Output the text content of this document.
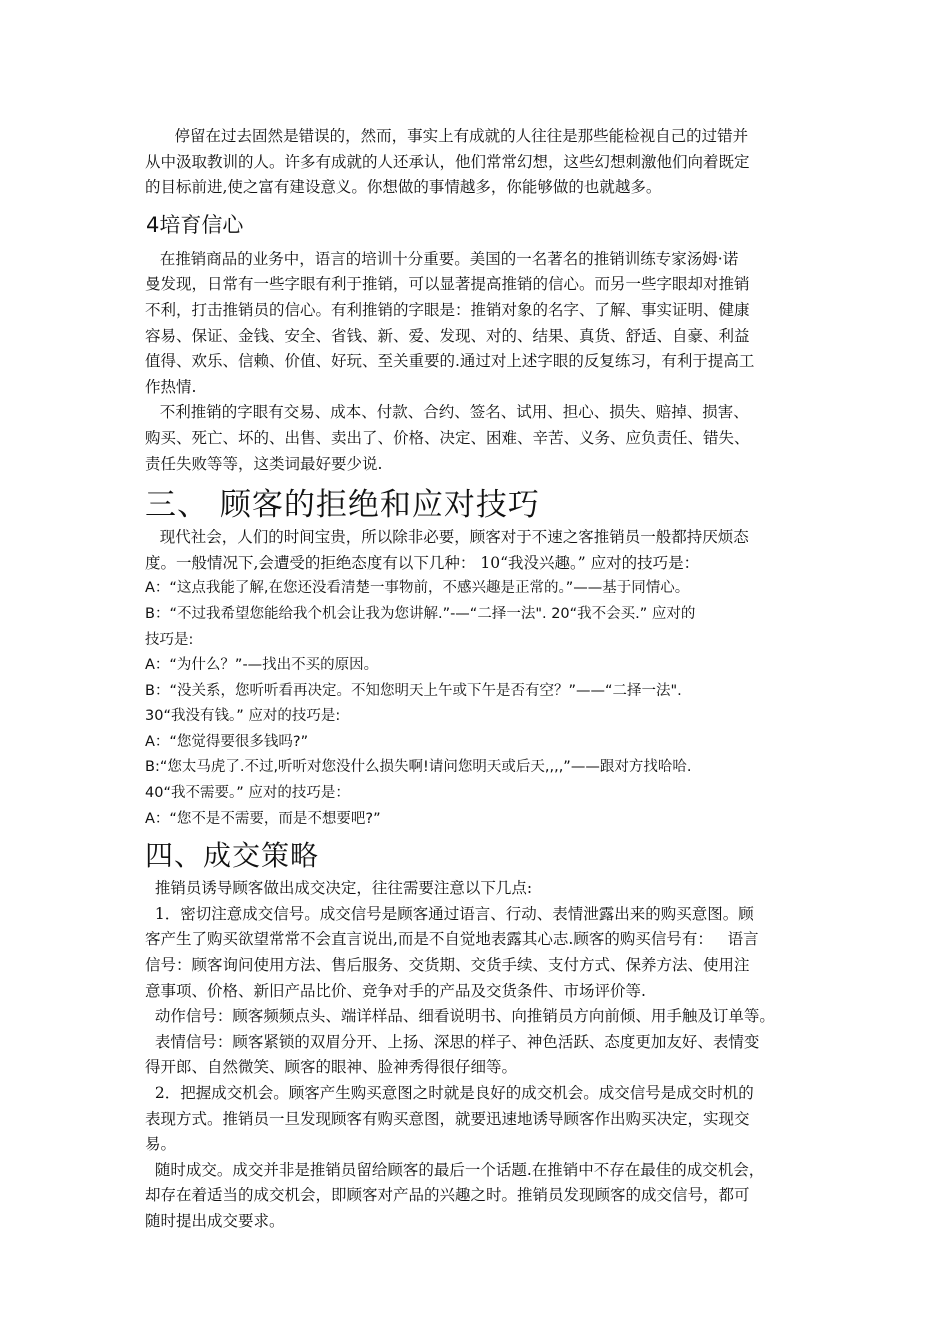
停留在过去固然是错误的，然而，事实上有成就的人往往是那些能检视自己的过错并
从中汲取教训的人。许多有成就的人还承认，他们常常幻想，这些幻想刺激他们向着既定
的目标前进,使之富有建设意义。你想做的事情越多，你能够做的也就越多。
4培育信心
在推销商品的业务中，语言的培训十分重要。美国的一名著名的推销训练专家汤姆·诺
曼发现，日常有一些字眼有利于推销，可以显著提高推销的信心。而另一些字眼却对推销
不利，打击推销员的信心。有利推销的字眼是：推销对象的名字、了解、事实证明、健康
容易、保证、金钱、安全、省钱、新、爱、发现、对的、结果、真货、舒适、自豪、利益
值得、欢乐、信赖、价值、好玩、至关重要的.通过对上述字眼的反复练习，有利于提高工
作热情.
不利推销的字眼有交易、成本、付款、合约、签名、试用、担心、损失、赔掉、损害、
购买、死亡、坏的、出售、卖出了、价格、决定、困难、辛苦、义务、应负责任、错失、
责任失败等等，这类词最好要少说.
三、 顾客的拒绝和应对技巧
现代社会，人们的时间宝贵，所以除非必要，顾客对于不速之客推销员一般都持厌烦态
度。一般情况下,会遭受的拒绝态度有以下几种： 10“我没兴趣。” 应对的技巧是：
A：“这点我能了解,在您还没看清楚一事物前，不感兴趣是正常的。”——基于同情心。
B：“不过我希望您能给我个机会让我为您讲解.”-—“二择一法". 20“我不会买.” 应对的
技巧是:
A：“为什么？”-—找出不买的原因。
B：“没关系，您听听看再决定。不知您明天上午或下午是否有空？”——“二择一法".
30“我没有钱。” 应对的技巧是:
A：“您觉得要很多钱吗?”
B:“您太马虎了.不过,听听对您没什么损失啊!请问您明天或后天,,,,”——跟对方找哈哈.
40“我不需要。” 应对的技巧是：
A：“您不是不需要，而是不想要吧?”
四、成交策略
推销员诱导顾客做出成交决定，往往需要注意以下几点:
1．密切注意成交信号。成交信号是顾客通过语言、行动、表情泄露出来的购买意图。顾
客产生了购买欲望常常不会直言说出,而是不自觉地表露其心志.顾客的购买信号有：   语言
信号：顾客询问使用方法、售后服务、交货期、交货手续、支付方式、保养方法、使用注
意事项、价格、新旧产品比价、竞争对手的产品及交货条件、市场评价等.
动作信号：顾客频频点头、端详样品、细看说明书、向推销员方向前倾、用手触及订单等。
表情信号：顾客紧锁的双眉分开、上扬、深思的样子、神色活跃、态度更加友好、表情变
得开郎、自然微笑、顾客的眼神、脸神秀得很仔细等。
2．把握成交机会。顾客产生购买意图之时就是良好的成交机会。成交信号是成交时机的
表现方式。推销员一旦发现顾客有购买意图，就要迅速地诱导顾客作出购买决定，实现交
易。
随时成交。成交并非是推销员留给顾客的最后一个话题.在推销中不存在最佳的成交机会，
却存在着适当的成交机会，即顾客对产品的兴趣之时。推销员发现顾客的成交信号，都可
随时提出成交要求。
